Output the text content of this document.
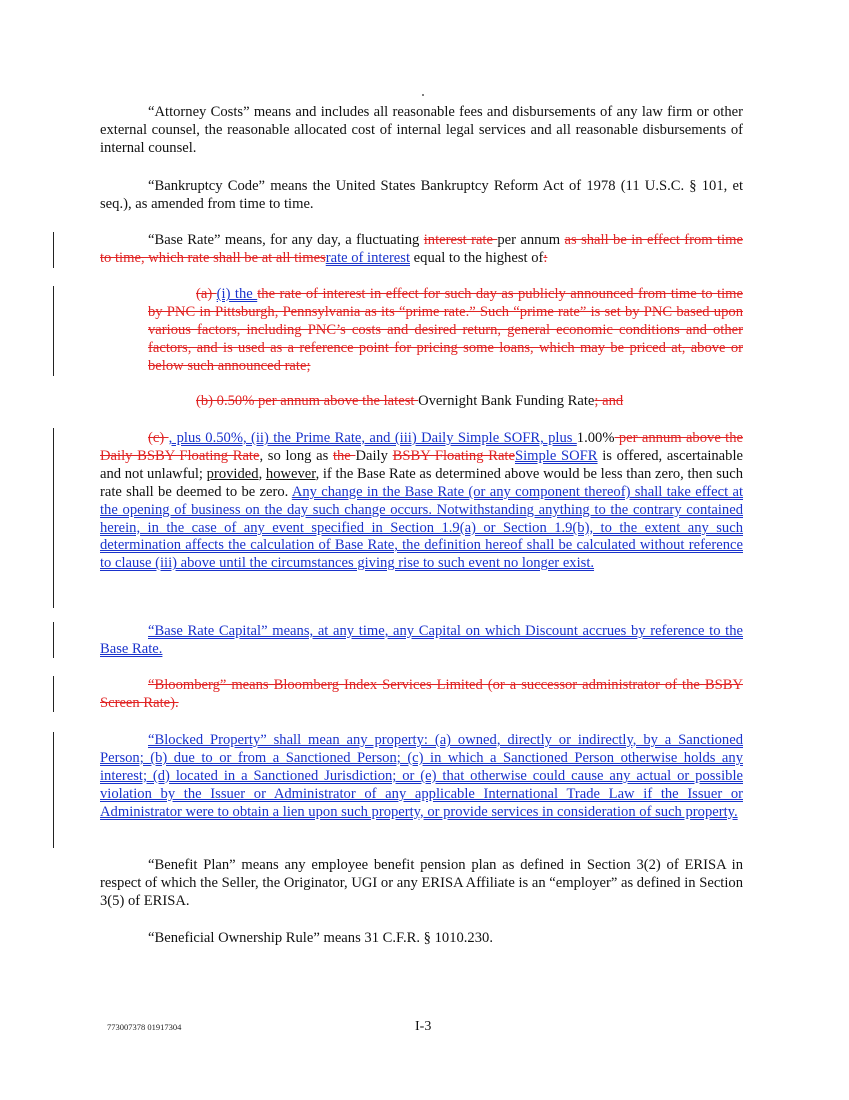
“Attorney Costs” means and includes all reasonable fees and disbursements of any law firm or other external counsel, the reasonable allocated cost of internal legal services and all reasonable disbursements of internal counsel.

“Bankruptcy Code” means the United States Bankruptcy Reform Act of 1978 (11 U.S.C. § 101, et seq.), as amended from time to time.

“Base Rate” means, for any day, a fluctuating interest rate per annum as shall be in effect from time to time, which rate shall be at all timesrate of interest equal to the highest of:

(a) (i) the the rate of interest in effect for such day as publicly announced from time to time by PNC in Pittsburgh, Pennsylvania as its “prime rate.” Such “prime rate” is set by PNC based upon various factors, including PNC’s costs and desired return, general economic conditions and other factors, and is used as a reference point for pricing some loans, which may be priced at, above or below such announced rate;

(b) 0.50% per annum above the latest Overnight Bank Funding Rate; and

(c) , plus 0.50%, (ii) the Prime Rate, and (iii) Daily Simple SOFR, plus 1.00% per annum above the Daily BSBY Floating Rate, so long as the Daily BSBY Floating RateSimple SOFR is offered, ascertainable and not unlawful; provided, however, if the Base Rate as determined above would be less than zero, then such rate shall be deemed to be zero. Any change in the Base Rate (or any component thereof) shall take effect at the opening of business on the day such change occurs. Notwithstanding anything to the contrary contained herein, in the case of any event specified in Section 1.9(a) or Section 1.9(b), to the extent any such determination affects the calculation of Base Rate, the definition hereof shall be calculated without reference to clause (iii) above until the circumstances giving rise to such event no longer exist.

“Base Rate Capital” means, at any time, any Capital on which Discount accrues by reference to the Base Rate.

“Bloomberg” means Bloomberg Index Services Limited (or a successor administrator of the BSBY Screen Rate).

“Blocked Property” shall mean any property: (a) owned, directly or indirectly, by a Sanctioned Person; (b) due to or from a Sanctioned Person; (c) in which a Sanctioned Person otherwise holds any interest; (d) located in a Sanctioned Jurisdiction; or (e) that otherwise could cause any actual or possible violation by the Issuer or Administrator of any applicable International Trade Law if the Issuer or Administrator were to obtain a lien upon such property, or provide services in consideration of such property.

“Benefit Plan” means any employee benefit pension plan as defined in Section 3(2) of ERISA in respect of which the Seller, the Originator, UGI or any ERISA Affiliate is an “employer” as defined in Section 3(5) of ERISA.

“Beneficial Ownership Rule” means 31 C.F.R. § 1010.230.

773007378 01917304	I-3
